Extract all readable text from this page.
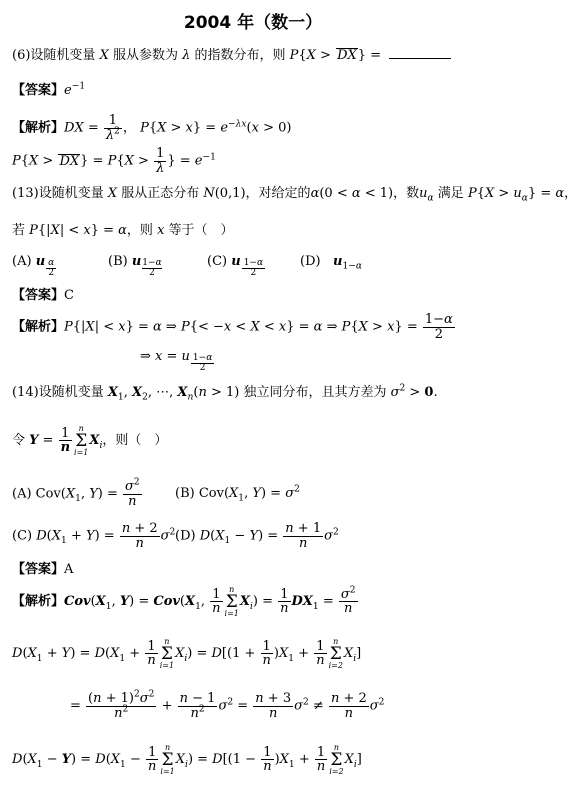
2004 年（数一）
(6)设随机变量 X 服从参数为 λ 的指数分布，则 P{X > DX} =
【答案】$e^{-1}$
【解析】DX = $\frac{1}{\lambda^2}$ ， $P\{X > x\} = e^{-\lambda x}(x > 0)$
$P\{X > DX\} = P\{X > \frac{1}{\lambda}$ } = $e^{-1}$
(13)设随机变量 X 服从正态分布 N(0,1)，对给定的α(0 < α < 1)，数$u_\alpha$ 满足 $P\{X > u_\alpha\} = \alpha$，
若 P{|X| < x} = α，则 x 等于（　）
(A) u $\frac{\alpha}{2}$	(B) u $\frac{1-\alpha}{2}$	(C) u $\frac{1-\alpha}{2}$	(D) $u_{1-\alpha}$
【答案】C
【解析】P{|X| < x} = α ⇒ P{< −x < X < x} = α ⇒ $P\{X > x\} = \frac{1-\alpha}{2}$
⇒ x = u $\frac{1-\alpha}{2}$
(14)设随机变量 $X_1$, $X_2$, ⋯, $X_n(n > 1)$ 独立同分布，且其方差为 $\sigma^2 > 0$.
令 $Y = \frac{1}{n}$ n
Σ
i=1
$X_i$，则（　）
(A) $Cov(X_1$, $Y) = \frac{\sigma^2}{n}$	(B) $Cov(X_1$, $Y) = \sigma^2$
(C) $D(X_1 + Y) = \frac{n + 2}{n} \sigma^2$ (D) $D(X_1 - Y) = \frac{n + 1}{n} \sigma^2$
【答案】A
【解析】$Cov(X_1$, $Y) = Cov(X_1$, $\frac{1}{n}$ n
Σ
i=1
$X_i) = \frac{1}{n} DX_1 = \frac{\sigma^2}{n}$
$D(X_1 + Y) = D(X_1 + \frac{1}{n}$ n
Σ
i=1
$X_i) = D[(1 + \frac{1}{n} )X_1 + \frac{1}{n}$ n
Σ
i=2
$X_i$]
= $\frac{(n + 1)^2\sigma^2}{n^2} + \frac{n - 1}{n^2} \sigma^2 = \frac{n + 3}{n} \sigma^2 \ne \frac{n + 2}{n} \sigma^2$
$D(X_1 - Y) = D(X_1 - \frac{1}{n}$ n
Σ
i=1
$X_i) = D[(1 - \frac{1}{n} )X_1 + \frac{1}{n}$ n
Σ
i=2
$X_i$]
